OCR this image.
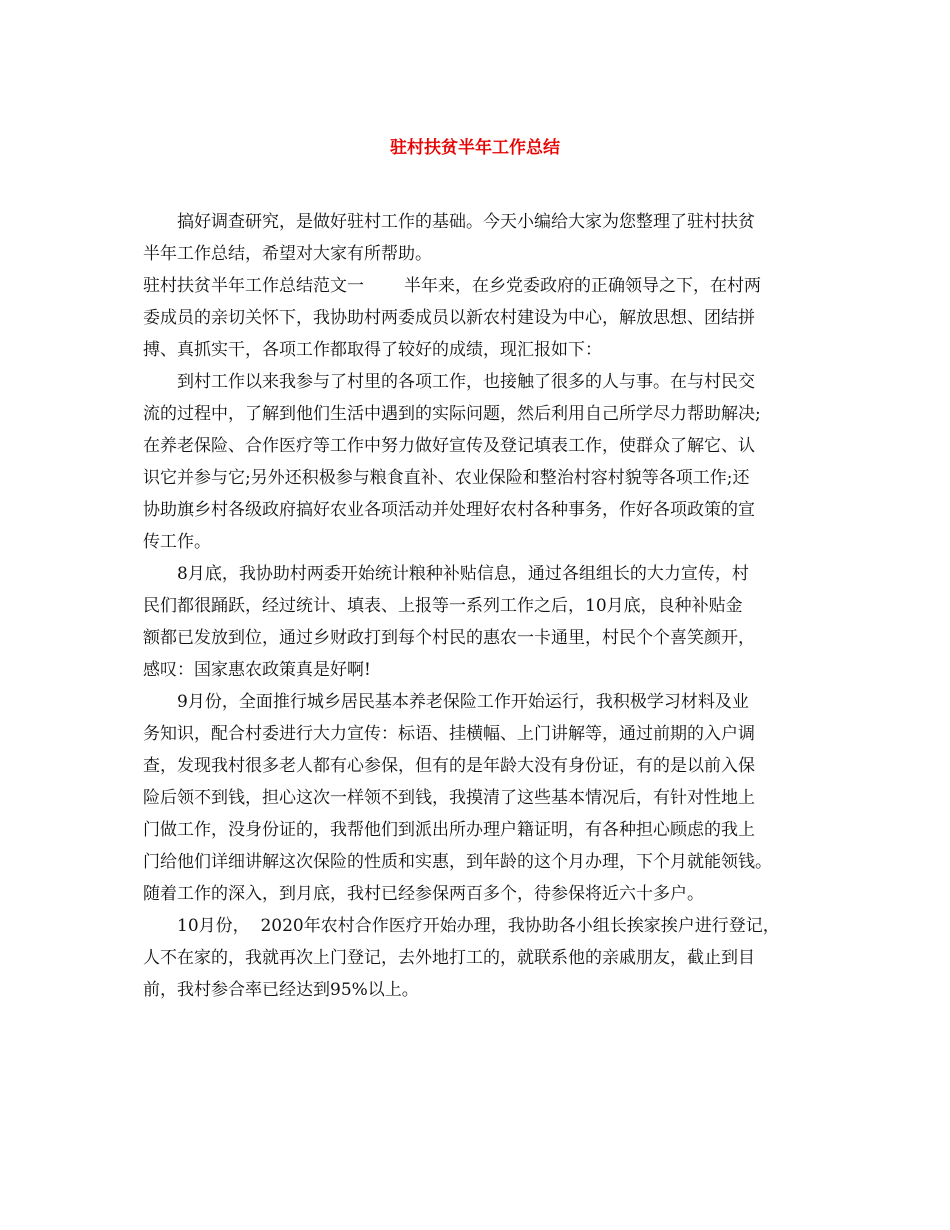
驻村扶贫半年工作总结
搞好调查研究，是做好驻村工作的基础。今天小编给大家为您整理了驻村扶贫
半年工作总结，希望对大家有所帮助。
驻村扶贫半年工作总结范文一 半年来，在乡党委政府的正确领导之下，在村两
委成员的亲切关怀下，我协助村两委成员以新农村建设为中心，解放思想、团结拼
搏、真抓实干，各项工作都取得了较好的成绩，现汇报如下：
到村工作以来我参与了村里的各项工作，也接触了很多的人与事。在与村民交
流的过程中，了解到他们生活中遇到的实际问题，然后利用自己所学尽力帮助解决;
在养老保险、合作医疗等工作中努力做好宣传及登记填表工作，使群众了解它、认
识它并参与它;另外还积极参与粮食直补、农业保险和整治村容村貌等各项工作;还
协助旗乡村各级政府搞好农业各项活动并处理好农村各种事务，作好各项政策的宣
传工作。
8月底，我协助村两委开始统计粮种补贴信息，通过各组组长的大力宣传，村
民们都很踊跃，经过统计、填表、上报等一系列工作之后，10月底，良种补贴金
额都已发放到位，通过乡财政打到每个村民的惠农一卡通里，村民个个喜笑颜开，
感叹：国家惠农政策真是好啊!
9月份，全面推行城乡居民基本养老保险工作开始运行，我积极学习材料及业
务知识，配合村委进行大力宣传：标语、挂横幅、上门讲解等，通过前期的入户调
查，发现我村很多老人都有心参保，但有的是年龄大没有身份证，有的是以前入保
险后领不到钱，担心这次一样领不到钱，我摸清了这些基本情况后，有针对性地上
门做工作，没身份证的，我帮他们到派出所办理户籍证明，有各种担心顾虑的我上
门给他们详细讲解这次保险的性质和实惠，到年龄的这个月办理，下个月就能领钱。
随着工作的深入，到月底，我村已经参保两百多个，待参保将近六十多户。
10月份，  2020年农村合作医疗开始办理，我协助各小组长挨家挨户进行登记，
人不在家的，我就再次上门登记，去外地打工的，就联系他的亲戚朋友，截止到目
前，我村参合率已经达到95%以上。
